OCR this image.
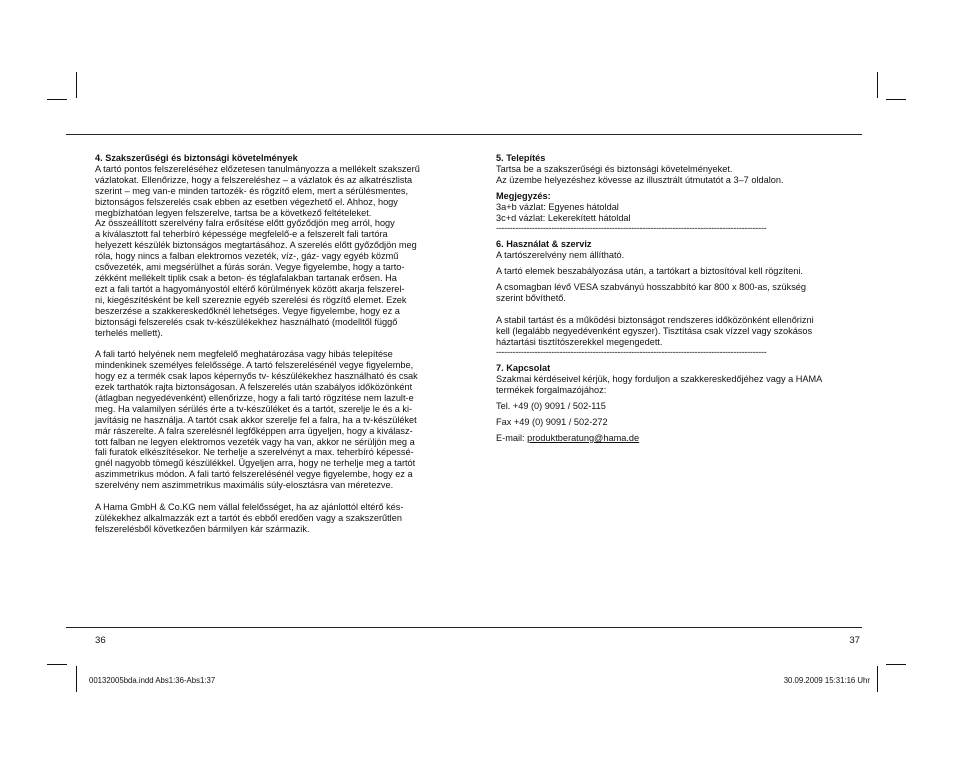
4. Szakszerűségi és biztonsági követelmények

A tartó pontos felszereléséhez előzetesen tanulmányozza a mellékelt szakszerű
vázlatokat. Ellenőrizze, hogy a felszereléshez – a vázlatok és az alkatrészlista
szerint – meg van-e minden tartozék- és rögzítő elem, mert a sérülésmentes,
biztonságos felszerelés csak ebben az esetben végezhető el. Ahhoz, hogy
megbízhatóan legyen felszerelve, tartsa be a következő feltételeket.
Az összeállított szerelvény falra erősítése előtt győződjön meg arról, hogy
a kiválasztott fal teherbíró képessége megfelelő-e a felszerelt fali tartóra
helyezett készülék biztonságos megtartásához. A szerelés előtt győződjön meg
róla, hogy nincs a falban elektromos vezeték, víz-, gáz- vagy egyéb közmű
csővezeték, ami megsérülhet a fúrás során. Vegye figyelembe, hogy a tarto-
zékként mellékelt tiplik csak a beton- és téglafalakban tartanak erősen. Ha
ezt a fali tartót a hagyományostól eltérő körülmények között akarja felszerel-
ni, kiegészítésként be kell szereznie egyéb szerelési és rögzítő elemet. Ezek
beszerzése a szakkereskedőknél lehetséges. Vegye figyelembe, hogy ez a
biztonsági felszerelés csak tv-készülékekhez használható (modelltől függő
terhelés mellett).

A fali tartó helyének nem megfelelő meghatározása vagy hibás telepítése
mindenkinek személyes felelőssége. A tartó felszerelésénél vegye figyelembe,
hogy ez a termék csak lapos képernyős tv- készülékekhez használható és csak
ezek tarthatók rajta biztonságosan. A felszerelés után szabályos időközönként
(átlagban negyedévenként) ellenőrizze, hogy a fali tartó rögzítése nem lazult-e
meg. Ha valamilyen sérülés érte a tv-készüléket és a tartót, szerelje le és a ki-
javításig ne használja. A tartót csak akkor szerelje fel a falra, ha a tv-készüléket
már rászerelte. A falra szerelésnél legfőképpen arra ügyeljen, hogy a kiválasz-
tott falban ne legyen elektromos vezeték vagy ha van, akkor ne sérüljön meg a
fali furatok elkészítésekor. Ne terhelje a szerelvényt a max. teherbíró képessé-
gnél nagyobb tömegű készülékkel. Ügyeljen arra, hogy ne terhelje meg a tartót
aszimmetrikus módon. A fali tartó felszerelésénél vegye figyelembe, hogy ez a
szerelvény nem aszimmetrikus maximális súly-elosztásra van méretezve.

A Hama GmbH & Co.KG nem vállal felelősséget, ha az ajánlottól eltérő kés-
zülékekhez alkalmazzák ezt a tartót és ebből eredően vagy a szakszerűtlen
felszerelésből következően bármilyen kár származik.

5. Telepítés

Tartsa be a szakszerűségi és biztonsági követelményeket.
Az üzembe helyezéshez kövesse az illusztrált útmutatót a 3–7 oldalon.

Megjegyzés:

3a+b vázlat: Egyenes hátoldal
3c+d vázlat: Lekerekített hátoldal

--------------------------------------------------------------------------------------------------

6. Használat & szerviz

A tartószerelvény nem állítható.

A tartó elemek beszabályozása után, a tartókart a biztosítóval kell rögzíteni.

A csomagban lévő VESA szabványú hosszabbító kar 800 x 800-as, szükség
szerint bővíthető.

A stabil tartást és a működési biztonságot rendszeres időközönként ellenőrizni
kell (legalább negyedévenként egyszer). Tisztítása csak vízzel vagy szokásos
háztartási tisztítószerekkel megengedett.

--------------------------------------------------------------------------------------------------

7. Kapcsolat

Szakmai kérdéseivel kérjük, hogy forduljon a szakkereskedőjéhez vagy a HAMA
termékek forgalmazójához:

Tel. +49 (0) 9091 / 502-115

Fax +49 (0) 9091 / 502-272

E-mail: produktberatung@hama.de

36	37
00132005bda.indd Abs1:36-Abs1:37	30.09.2009 15:31:16 Uhr
